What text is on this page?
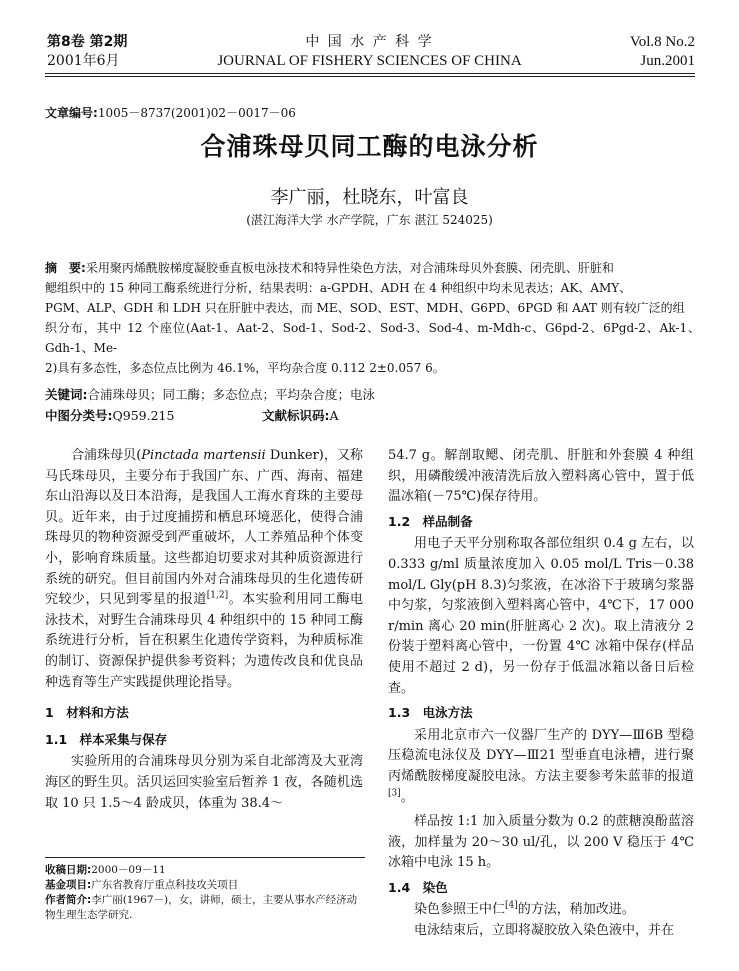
第8卷 第2期
2001年6月
中 国 水 产 科 学
JOURNAL OF FISHERY SCIENCES OF CHINA
Vol.8 No.2
Jun.2001
文章编号:1005－8737(2001)02－0017－06
合浦珠母贝同工酶的电泳分析
李广丽，杜晓东，叶富良
(湛江海洋大学 水产学院，广东 湛江 524025)
摘　要:采用聚丙烯酰胺梯度凝胶垂直板电泳技术和特异性染色方法，对合浦珠母贝外套膜、闭壳肌、肝脏和
鳃组织中的 15 种同工酶系统进行分析，结果表明：a-GPDH、ADH 在 4 种组织中均未见表达；AK、AMY、
PGM、ALP、GDH 和 LDH 只在肝脏中表达，而 ME、SOD、EST、MDH、G6PD、6PGD 和 AAT 则有较广泛的组
织分布，其中 12 个座位(Aat-1、Aat-2、Sod-1、Sod-2、Sod-3、Sod-4、m-Mdh-c、G6pd-2、6Pgd-2、Ak-1、Gdh-1、Me-
2)具有多态性，多态位点比例为 46.1%，平均杂合度 0.112 2±0.057 6。
关键词:合浦珠母贝；同工酶；多态位点；平均杂合度；电泳
中图分类号:Q959.215	文献标识码:A

合浦珠母贝(Pinctada martensii Dunker)，又称马氏珠母贝，主要分布于我国广东、广西、海南、福建东山沿海以及日本沿海，是我国人工海水育珠的主要母贝。近年来，由于过度捕捞和栖息环境恶化，使得合浦珠母贝的物种资源受到严重破坏，人工养殖品种个体变小，影响育珠质量。这些都迫切要求对其种质资源进行系统的研究。但目前国内外对合浦珠母贝的生化遗传研究较少，只见到零星的报道[1,2]。本实验利用同工酶电泳技术，对野生合浦珠母贝 4 种组织中的 15 种同工酶系统进行分析，旨在积累生化遗传学资料，为种质标准的制订、资源保护提供参考资料；为遗传改良和优良品种选育等生产实践提供理论指导。

1　材料和方法
1.1　样本采集与保存

实验所用的合浦珠母贝分别为采自北部湾及大亚湾海区的野生贝。活贝运回实验室后暂养 1 夜，各随机选取 10 只 1.5～4 龄成贝，体重为 38.4～

收稿日期:2000－09－11
基金项目:广东省教育厅重点科技攻关项目
作者简介:李广丽(1967－)，女，讲师，硕士，主要从事水产经济动物生理生态学研究.
54.7 g。解剖取鳃、闭壳肌、肝脏和外套膜 4 种组织，用磷酸缓冲液清洗后放入塑料离心管中，置于低温冰箱(－75℃)保存待用。
1.2　样品制备

用电子天平分别称取各部位组织 0.4 g 左右，以 0.333 g/ml 质量浓度加入 0.05 mol/L Tris－0.38 mol/L Gly(pH 8.3)匀浆液，在冰浴下于玻璃匀浆器中匀浆，匀浆液倒入塑料离心管中，4℃下，17 000 r/min 离心 20 min(肝脏离心 2 次)。取上清液分 2 份装于塑料离心管中，一份置 4℃ 冰箱中保存(样品使用不超过 2 d)，另一份存于低温冰箱以备日后检查。

1.3　电泳方法

采用北京市六一仪器厂生产的 DYY—Ⅲ6B 型稳压稳流电泳仪及 DYY—Ⅲ21 型垂直电泳槽，进行聚丙烯酰胺梯度凝胶电泳。方法主要参考朱蓝菲的报道[3]。

样品按 1:1 加入质量分数为 0.2 的蔗糖溴酚蓝溶液，加样量为 20～30 ul/孔，以 200 V 稳压于 4℃ 冰箱中电泳 15 h。

1.4　染色

染色参照王中仁[4]的方法，稍加改进。

电泳结束后，立即将凝胶放入染色液中，并在
